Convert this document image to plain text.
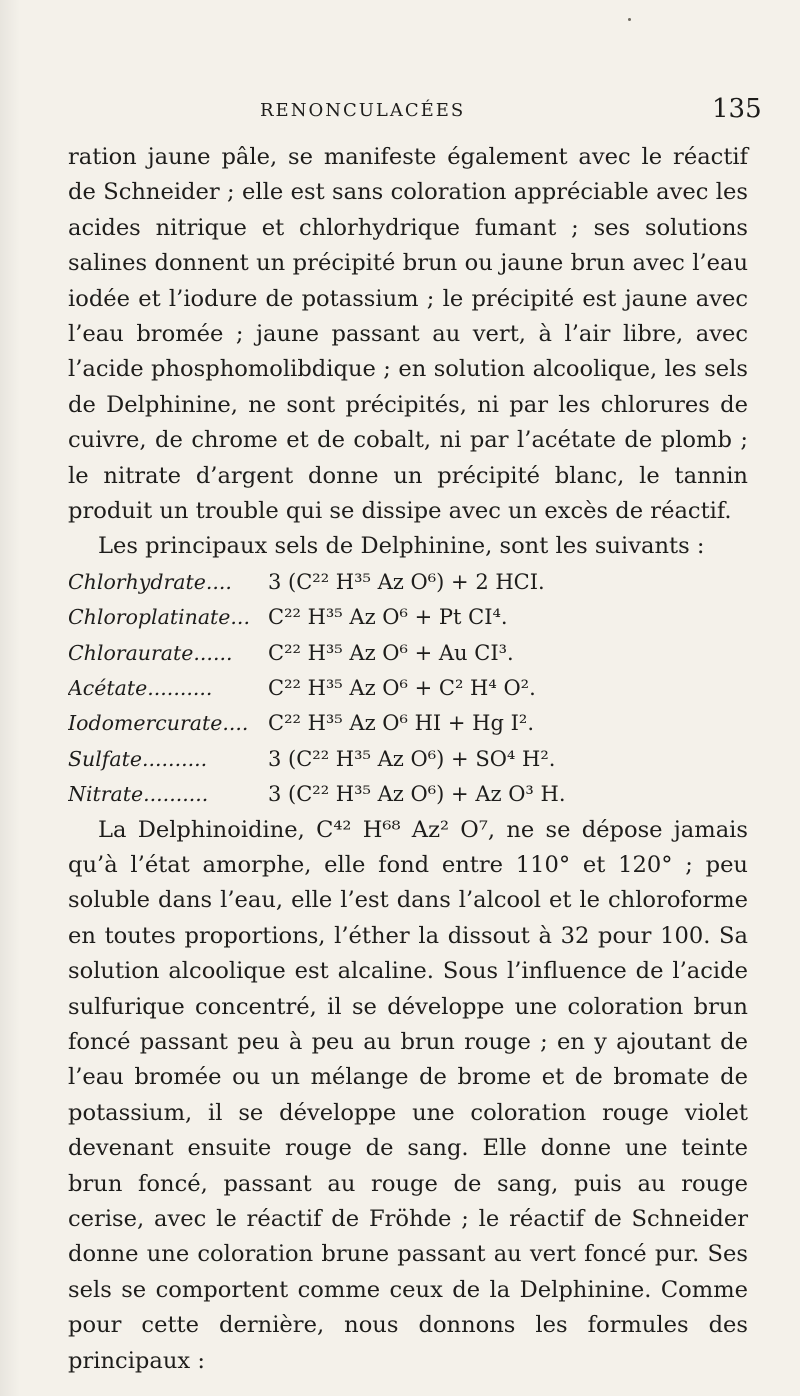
RENONCULACÉES	135

ration jaune pâle, se manifeste également avec le réactif de Schneider ; elle est sans coloration appréciable avec les acides nitrique et chlorhydrique fumant ; ses solutions salines donnent un précipité brun ou jaune brun avec l’eau iodée et l’iodure de potassium ; le précipité est jaune avec l’eau bromée ; jaune passant au vert, à l’air libre, avec l’acide phosphomolibdique ; en solution alcoolique, les sels de Delphinine, ne sont précipités, ni par les chlorures de cuivre, de chrome et de cobalt, ni par l’acétate de plomb ; le nitrate d’argent donne un précipité blanc, le tannin produit un trouble qui se dissipe avec un excès de réactif.

Les principaux sels de Delphinine, sont les suivants :

Chlorhydrate....	3 (C²² H³⁵ Az O⁶) + 2 HCI.
Chloroplatinate... C²² H³⁵ Az O⁶ + Pt CI⁴.
Chloraurate......	C²² H³⁵ Az O⁶ + Au CI³.
Acétate..........	C²² H³⁵ Az O⁶ + C² H⁴ O².
Iodomercurate.... C²² H³⁵ Az O⁶ HI + Hg I².
Sulfate..........	3 (C²² H³⁵ Az O⁶) + SO⁴ H².
Nitrate..........	3 (C²² H³⁵ Az O⁶) + Az O³ H.

La Delphinoidine, C⁴² H⁶⁸ Az² O⁷, ne se dépose jamais qu’à l’état amorphe, elle fond entre 110° et 120° ; peu soluble dans l’eau, elle l’est dans l’alcool et le chloroforme en toutes proportions, l’éther la dissout à 32 pour 100. Sa solution alcoolique est alcaline. Sous l’influence de l’acide sulfurique concentré, il se développe une coloration brun foncé passant peu à peu au brun rouge ; en y ajoutant de l’eau bromée ou un mélange de brome et de bromate de potassium, il se développe une coloration rouge violet devenant ensuite rouge de sang. Elle donne une teinte brun foncé, passant au rouge de sang, puis au rouge cerise, avec le réactif de Fröhde ; le réactif de Schneider donne une coloration brune passant au vert foncé pur. Ses sels se comportent comme ceux de la Delphinine. Comme pour cette dernière, nous donnons les formules des principaux :
